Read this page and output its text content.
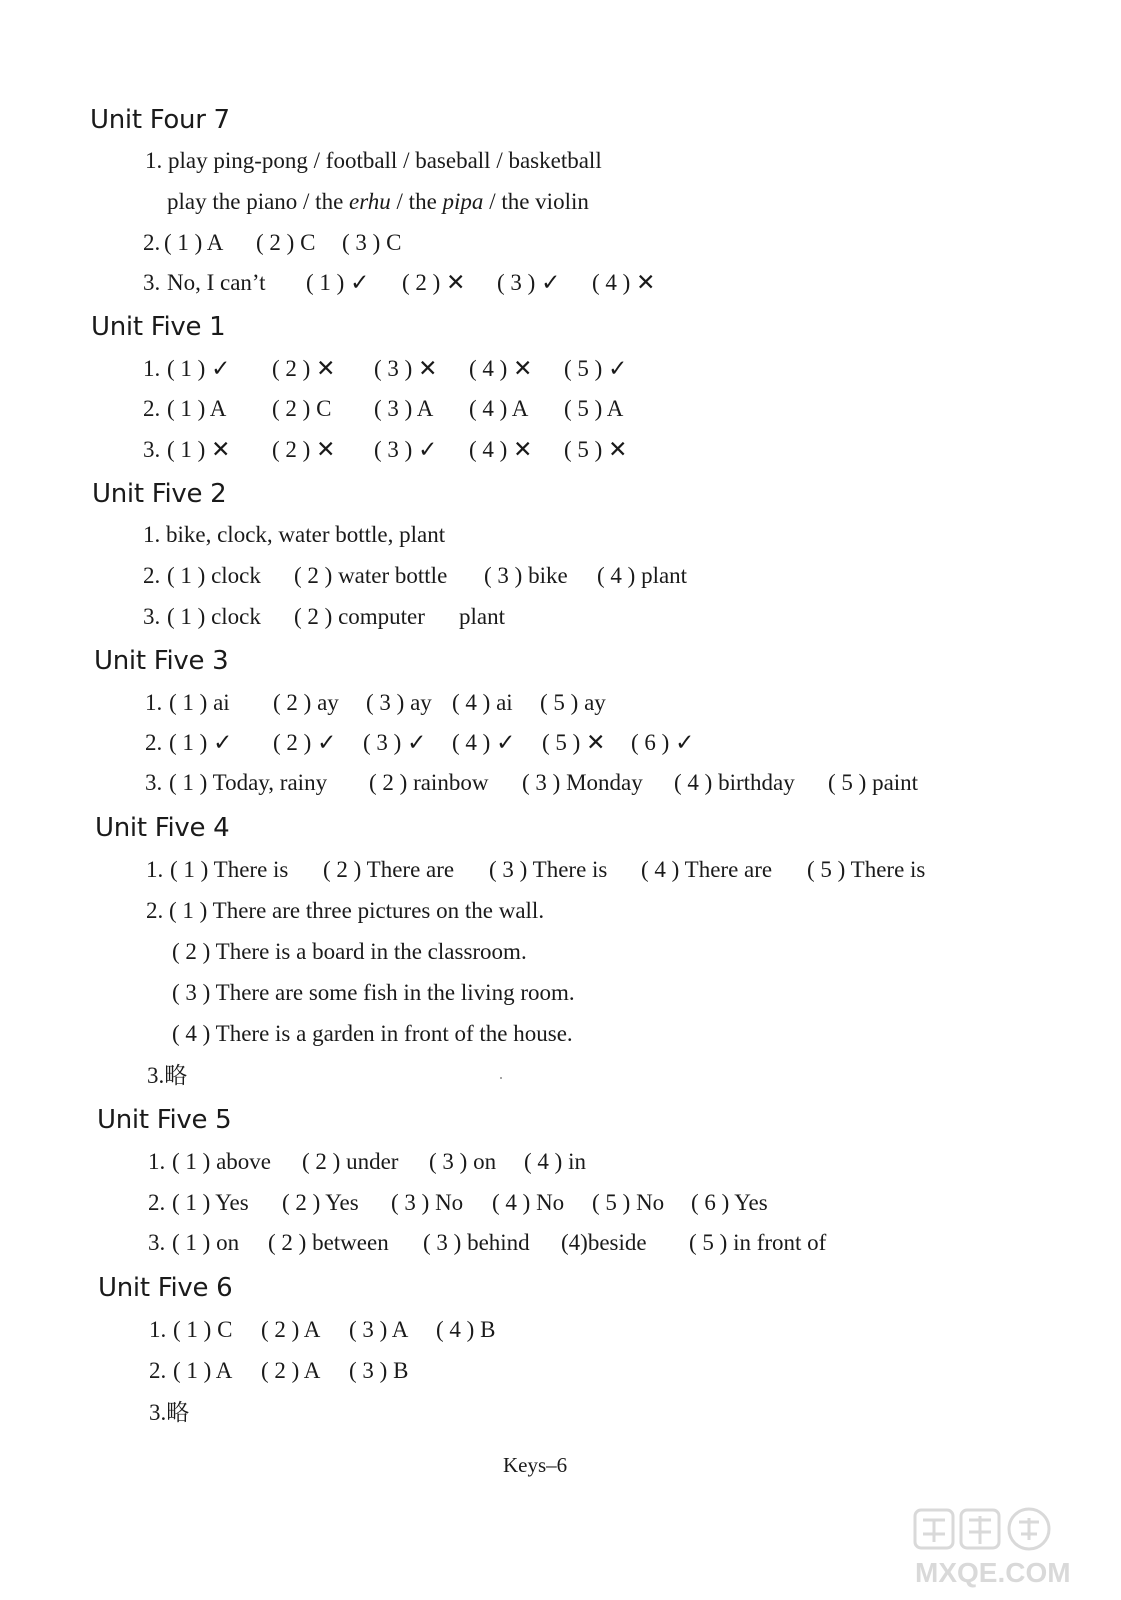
Unit Four 7
1. play ping-pong / football / baseball / basketball
play the piano / the erhu / the pipa / the violin
2. ( 1 ) A ( 2 ) C ( 3 ) C
3. No, I can’t ( 1 ) ✓ ( 2 ) ✕ ( 3 ) ✓ ( 4 ) ✕
Unit Five 1
1. ( 1 ) ✓ ( 2 ) ✕ ( 3 ) ✕ ( 4 ) ✕ ( 5 ) ✓
2. ( 1 ) A ( 2 ) C ( 3 ) A ( 4 ) A ( 5 ) A
3. ( 1 ) ✕ ( 2 ) ✕ ( 3 ) ✓ ( 4 ) ✕ ( 5 ) ✕
Unit Five 2
1. bike, clock, water bottle, plant
2. ( 1 ) clock ( 2 ) water bottle ( 3 ) bike ( 4 ) plant
3. ( 1 ) clock ( 2 ) computer plant
Unit Five 3
1. ( 1 ) ai ( 2 ) ay ( 3 ) ay ( 4 ) ai ( 5 ) ay
2. ( 1 ) ✓ ( 2 ) ✓ ( 3 ) ✓ ( 4 ) ✓ ( 5 ) ✕ ( 6 ) ✓
3. ( 1 ) Today, rainy ( 2 ) rainbow ( 3 ) Monday ( 4 ) birthday ( 5 ) paint
Unit Five 4
1. ( 1 ) There is ( 2 ) There are ( 3 ) There is ( 4 ) There are ( 5 ) There is
2. ( 1 ) There are three pictures on the wall.
( 2 ) There is a board in the classroom.
( 3 ) There are some fish in the living room.
( 4 ) There is a garden in front of the house.
3.略
Unit Five 5
1. ( 1 ) above ( 2 ) under ( 3 ) on ( 4 ) in
2. ( 1 ) Yes ( 2 ) Yes ( 3 ) No ( 4 ) No ( 5 ) No ( 6 ) Yes
3. ( 1 ) on ( 2 ) between ( 3 ) behind (4)beside ( 5 ) in front of
Unit Five 6
1. ( 1 ) C ( 2 ) A ( 3 ) A ( 4 ) B
2. ( 1 ) A ( 2 ) A ( 3 ) B
3.略
Keys–6
MXQE.COM
